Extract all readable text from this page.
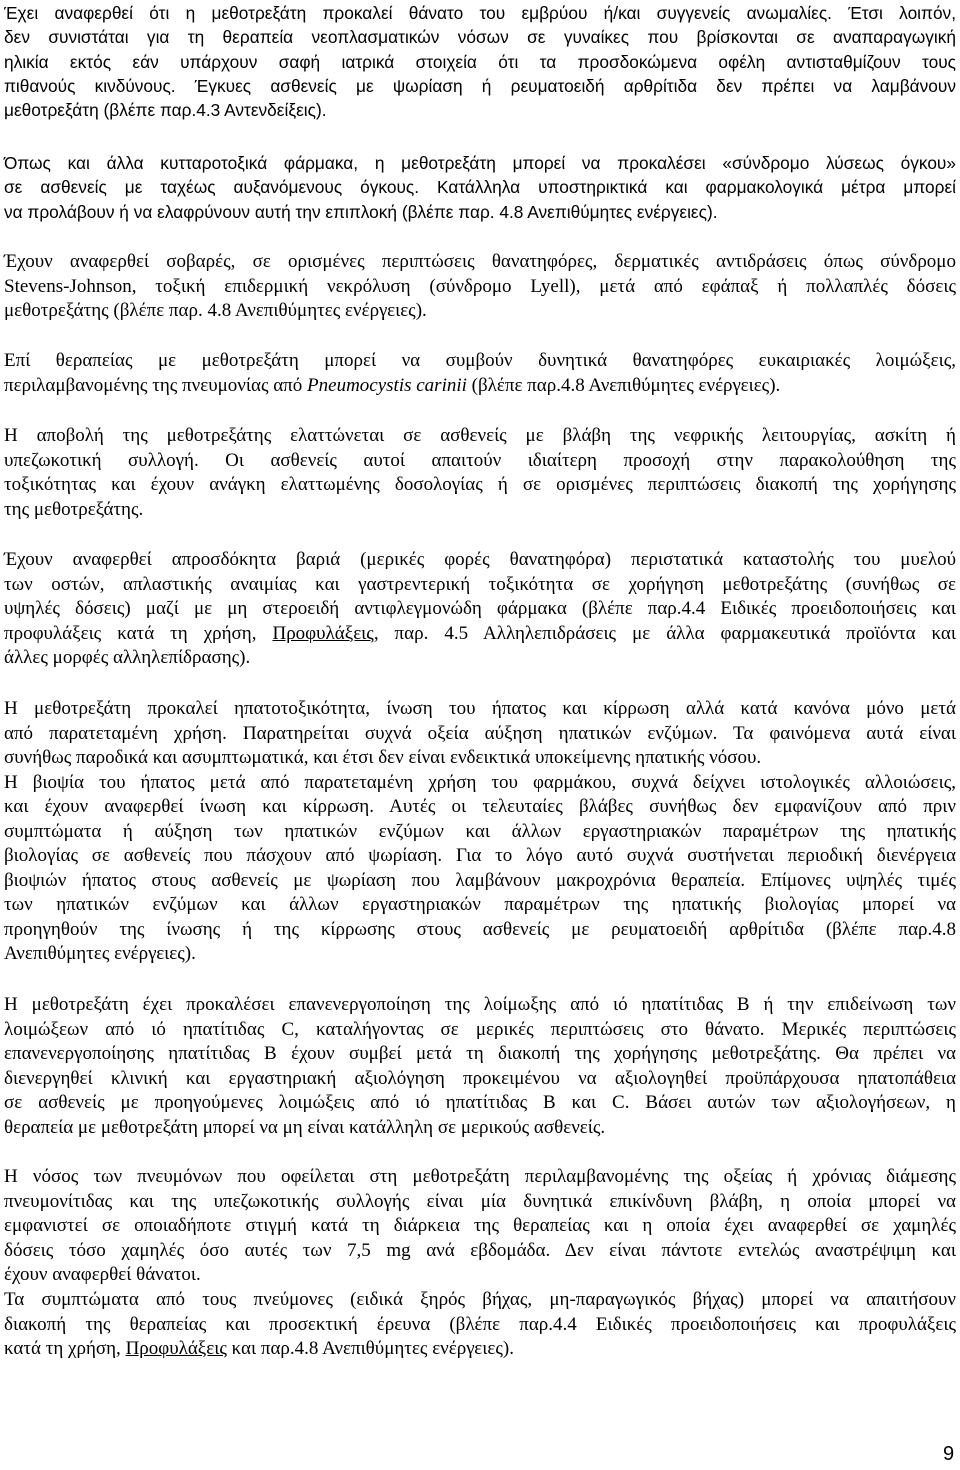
Έχει αναφερθεί ότι η μεθοτρεξάτη προκαλεί θάνατο του εμβρύου ή/και συγγενείς ανωμαλίες. Έτσι λοιπόν,
δεν συνιστάται για τη θεραπεία νεοπλασματικών νόσων σε γυναίκες που βρίσκονται σε αναπαραγωγική
ηλικία εκτός εάν υπάρχουν σαφή ιατρικά στοιχεία ότι τα προσδοκώμενα οφέλη αντισταθμίζουν τους
πιθανούς κινδύνους. Έγκυες ασθενείς με ψωρίαση ή ρευματοειδή αρθρίτιδα δεν πρέπει να λαμβάνουν
μεθοτρεξάτη (βλέπε παρ.4.3 Αντενδείξεις).

Όπως και άλλα κυτταροτοξικά φάρμακα, η μεθοτρεξάτη μπορεί να προκαλέσει «σύνδρομο λύσεως όγκου»
σε ασθενείς με ταχέως αυξανόμενους όγκους. Κατάλληλα υποστηρικτικά και φαρμακολογικά μέτρα μπορεί
να προλάβουν ή να ελαφρύνουν αυτή την επιπλοκή (βλέπε παρ. 4.8 Ανεπιθύμητες ενέργειες).

Έχουν αναφερθεί σοβαρές, σε ορισμένες περιπτώσεις θανατηφόρες, δερματικές αντιδράσεις όπως σύνδρομο
Stevens-Johnson, τοξική επιδερμική νεκρόλυση (σύνδρομο Lyell), μετά από εφάπαξ ή πολλαπλές δόσεις
μεθοτρεξάτης (βλέπε παρ. 4.8 Ανεπιθύμητες ενέργειες).

Επί θεραπείας με μεθοτρεξάτη μπορεί να συμβούν δυνητικά θανατηφόρες ευκαιριακές λοιμώξεις,
περιλαμβανομένης της πνευμονίας από Pneumocystis carinii (βλέπε παρ.4.8 Ανεπιθύμητες ενέργειες).

Η αποβολή της μεθοτρεξάτης ελαττώνεται σε ασθενείς με βλάβη της νεφρικής λειτουργίας, ασκίτη ή
υπεζωκοτική συλλογή. Οι ασθενείς αυτοί απαιτούν ιδιαίτερη προσοχή στην παρακολούθηση της
τοξικότητας και έχουν ανάγκη ελαττωμένης δοσολογίας ή σε ορισμένες περιπτώσεις διακοπή της χορήγησης
της μεθοτρεξάτης.

Έχουν αναφερθεί απροσδόκητα βαριά (μερικές φορές θανατηφόρα) περιστατικά καταστολής του μυελού
των οστών, απλαστικής αναιμίας και γαστρεντερική τοξικότητα σε χορήγηση μεθοτρεξάτης (συνήθως σε
υψηλές δόσεις) μαζί με μη στεροειδή αντιφλεγμονώδη φάρμακα (βλέπε παρ.4.4 Ειδικές προειδοποιήσεις και
προφυλάξεις κατά τη χρήση, Προφυλάξεις, παρ. 4.5 Αλληλεπιδράσεις με άλλα φαρμακευτικά προϊόντα και
άλλες μορφές αλληλεπίδρασης).

Η μεθοτρεξάτη προκαλεί ηπατοτοξικότητα, ίνωση του ήπατος και κίρρωση αλλά κατά κανόνα μόνο μετά
από παρατεταμένη χρήση. Παρατηρείται συχνά οξεία αύξηση ηπατικών ενζύμων. Τα φαινόμενα αυτά είναι
συνήθως παροδικά και ασυμπτωματικά, και έτσι δεν είναι ενδεικτικά υποκείμενης ηπατικής νόσου.
Η βιοψία του ήπατος μετά από παρατεταμένη χρήση του φαρμάκου, συχνά δείχνει ιστολογικές αλλοιώσεις,
και έχουν αναφερθεί ίνωση και κίρρωση. Αυτές οι τελευταίες βλάβες συνήθως δεν εμφανίζουν από πριν
συμπτώματα ή αύξηση των ηπατικών ενζύμων και άλλων εργαστηριακών παραμέτρων της ηπατικής
βιολογίας σε ασθενείς που πάσχουν από ψωρίαση. Για το λόγο αυτό συχνά συστήνεται περιοδική διενέργεια
βιοψιών ήπατος στους ασθενείς με ψωρίαση που λαμβάνουν μακροχρόνια θεραπεία. Επίμονες υψηλές τιμές
των ηπατικών ενζύμων και άλλων εργαστηριακών παραμέτρων της ηπατικής βιολογίας μπορεί να
προηγηθούν της ίνωσης ή της κίρρωσης στους ασθενείς με ρευματοειδή αρθρίτιδα (βλέπε παρ.4.8
Ανεπιθύμητες ενέργειες).

Η μεθοτρεξάτη έχει προκαλέσει επανενεργοποίηση της λοίμωξης από ιό ηπατίτιδας Β ή την επιδείνωση των
λοιμώξεων από ιό ηπατίτιδας C, καταλήγοντας σε μερικές περιπτώσεις στο θάνατο. Μερικές περιπτώσεις
επανενεργοποίησης ηπατίτιδας Β έχουν συμβεί μετά τη διακοπή της χορήγησης μεθοτρεξάτης. Θα πρέπει να
διενεργηθεί κλινική και εργαστηριακή αξιολόγηση προκειμένου να αξιολογηθεί προϋπάρχουσα ηπατοπάθεια
σε ασθενείς με προηγούμενες λοιμώξεις από ιό ηπατίτιδας Β και C. Βάσει αυτών των αξιολογήσεων, η
θεραπεία με μεθοτρεξάτη μπορεί να μη είναι κατάλληλη σε μερικούς ασθενείς.

Η νόσος των πνευμόνων που οφείλεται στη μεθοτρεξάτη περιλαμβανομένης της οξείας ή χρόνιας διάμεσης
πνευμονίτιδας και της υπεζωκοτικής συλλογής είναι μία δυνητικά επικίνδυνη βλάβη, η οποία μπορεί να
εμφανιστεί σε οποιαδήποτε στιγμή κατά τη διάρκεια της θεραπείας και η οποία έχει αναφερθεί σε χαμηλές
δόσεις τόσο χαμηλές όσο αυτές των 7,5 mg ανά εβδομάδα. Δεν είναι πάντοτε εντελώς αναστρέψιμη και
έχουν αναφερθεί θάνατοι.

Τα συμπτώματα από τους πνεύμονες (ειδικά ξηρός βήχας, μη-παραγωγικός βήχας) μπορεί να απαιτήσουν
διακοπή της θεραπείας και προσεκτική έρευνα (βλέπε παρ.4.4 Ειδικές προειδοποιήσεις και προφυλάξεις
κατά τη χρήση, Προφυλάξεις και παρ.4.8 Ανεπιθύμητες ενέργειες).

9
